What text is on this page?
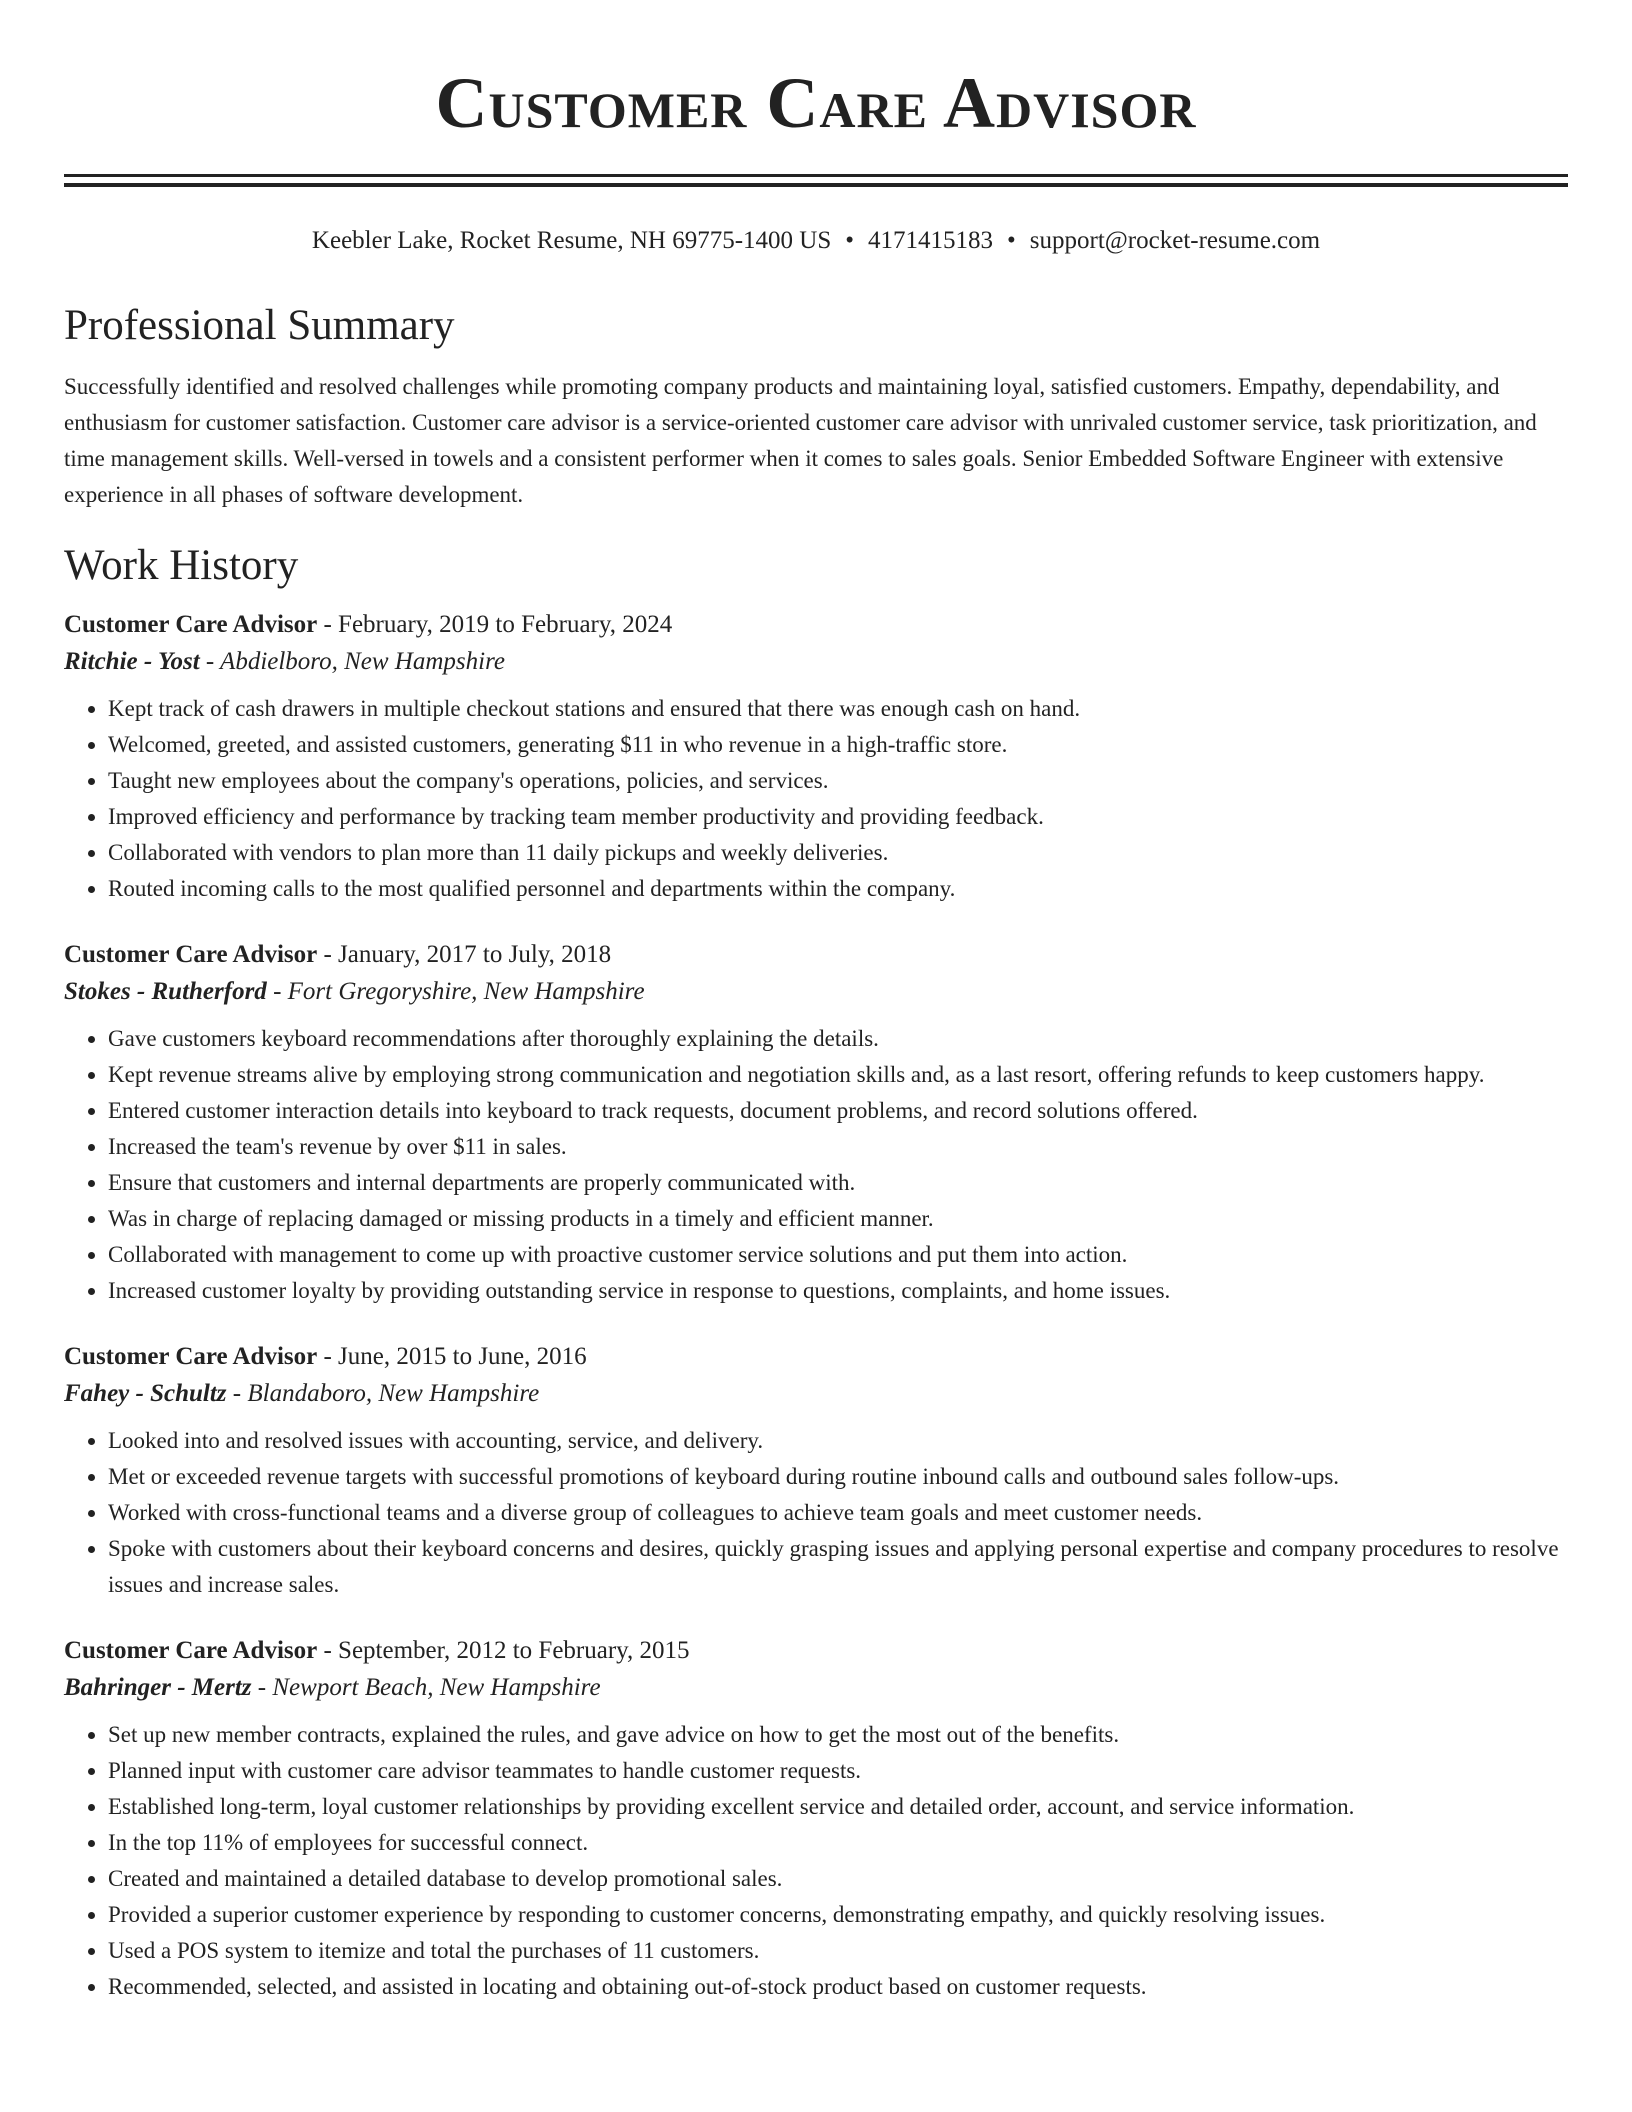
Customer Care Advisor
Keebler Lake, Rocket Resume, NH 69775-1400 US • 4171415183 • support@rocket-resume.com
Professional Summary

Successfully identified and resolved challenges while promoting company products and maintaining loyal, satisfied customers. Empathy, dependability, and enthusiasm for customer satisfaction. Customer care advisor is a service-oriented customer care advisor with unrivaled customer service, task prioritization, and time management skills. Well-versed in towels and a consistent performer when it comes to sales goals. Senior Embedded Software Engineer with extensive experience in all phases of software development.

Work History
Customer Care Advisor - February, 2019 to February, 2024
Ritchie - Yost - Abdielboro, New Hampshire
• Kept track of cash drawers in multiple checkout stations and ensured that there was enough cash on hand.
• Welcomed, greeted, and assisted customers, generating $11 in who revenue in a high-traffic store.
• Taught new employees about the company's operations, policies, and services.
• Improved efficiency and performance by tracking team member productivity and providing feedback.
• Collaborated with vendors to plan more than 11 daily pickups and weekly deliveries.
• Routed incoming calls to the most qualified personnel and departments within the company.
Customer Care Advisor - January, 2017 to July, 2018
Stokes - Rutherford - Fort Gregoryshire, New Hampshire
• Gave customers keyboard recommendations after thoroughly explaining the details.
• Kept revenue streams alive by employing strong communication and negotiation skills and, as a last resort, offering refunds to keep customers happy.
• Entered customer interaction details into keyboard to track requests, document problems, and record solutions offered.
• Increased the team's revenue by over $11 in sales.
• Ensure that customers and internal departments are properly communicated with.
• Was in charge of replacing damaged or missing products in a timely and efficient manner.
• Collaborated with management to come up with proactive customer service solutions and put them into action.
• Increased customer loyalty by providing outstanding service in response to questions, complaints, and home issues.
Customer Care Advisor - June, 2015 to June, 2016
Fahey - Schultz - Blandaboro, New Hampshire
• Looked into and resolved issues with accounting, service, and delivery.
• Met or exceeded revenue targets with successful promotions of keyboard during routine inbound calls and outbound sales follow-ups.
• Worked with cross-functional teams and a diverse group of colleagues to achieve team goals and meet customer needs.
• Spoke with customers about their keyboard concerns and desires, quickly grasping issues and applying personal expertise and company procedures to resolve issues and increase sales.
Customer Care Advisor - September, 2012 to February, 2015
Bahringer - Mertz - Newport Beach, New Hampshire
• Set up new member contracts, explained the rules, and gave advice on how to get the most out of the benefits.
• Planned input with customer care advisor teammates to handle customer requests.
• Established long-term, loyal customer relationships by providing excellent service and detailed order, account, and service information.
• In the top 11% of employees for successful connect.
• Created and maintained a detailed database to develop promotional sales.
• Provided a superior customer experience by responding to customer concerns, demonstrating empathy, and quickly resolving issues.
• Used a POS system to itemize and total the purchases of 11 customers.
• Recommended, selected, and assisted in locating and obtaining out-of-stock product based on customer requests.
